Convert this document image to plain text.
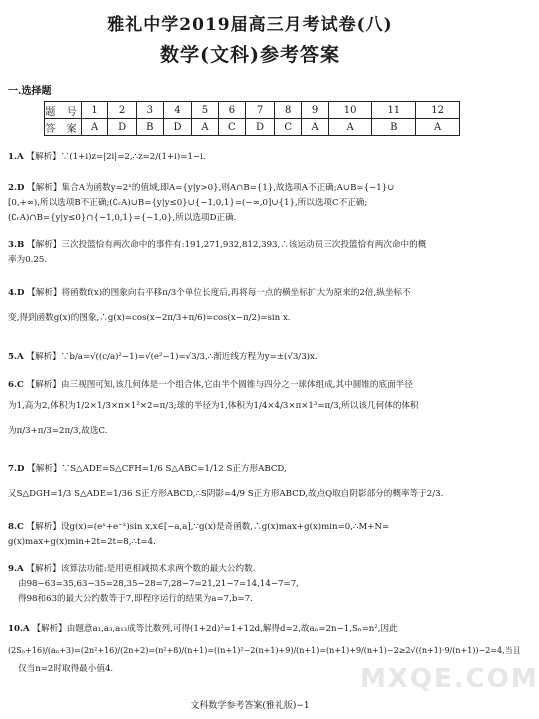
雅礼中学2019届高三月考试卷(八)
数学(文科)参考答案
一.选择题
题 号	1	2	3	4	5	6	7	8	9	10	11	12
答 案	A	D	B	D	A	C	D	C	A	A	B	A
1.A 【解析】∵(1+i)z=|2i|=2,∴z=2/(1+i)=1−i.
2.D 【解析】集合A为函数y=2ˣ的值域,即A={y|y>0},则A∩B={1},故选项A不正确;A∪B={−1}∪
[0,+∞),所以选项B不正确;(∁ᵣA)∪B={y|y≤0}∪{−1,0,1}=(−∞,0]∪{1},所以选项C不正确;
(∁ᵣA)∩B={y|y≤0}∩{−1,0,1}={−1,0},所以选项D正确.
3.B 【解析】三次投篮恰有两次命中的事件有:191,271,932,812,393,∴该运动员三次投篮恰有两次命中的概
率为0.25.
4.D 【解析】将函数f(x)的图象向右平移π/3个单位长度后,再将每一点的横坐标扩大为原来的2倍,纵坐标不
变,得到函数g(x)的图象,∴g(x)=cos(x−2π/3+π/6)=cos(x−π/2)=sin x.
5.A 【解析】∵b/a=√((c/a)²−1)=√(e²−1)=√3/3,∴渐近线方程为y=±(√3/3)x.
6.C 【解析】由三视图可知,该几何体是一个组合体,它由半个圆锥与四分之一球体组成,其中圆锥的底面半径
为1,高为2,体积为1/2×1/3×π×1²×2=π/3;球的半径为1,体积为1/4×4/3×π×1³=π/3,所以该几何体的体积
为π/3+π/3=2π/3,故选C.
7.D 【解析】∵S△ADE=S△CFH=1/6 S△ABC=1/12 S正方形ABCD,
又S△DGH=1/3 S△ADE=1/36 S正方形ABCD,∴S阴影=4/9 S正方形ABCD,故点Q取自阴影部分的概率等于2/3.
8.C 【解析】设g(x)=(eˣ+e⁻ˣ)sin x,x∈[−a,a],∵g(x)是奇函数,∴g(x)max+g(x)min=0,∴M+N=
g(x)max+g(x)min+2t=2t=8,∴t=4.
9.A 【解析】该算法功能:是用更相减损术求两个数的最大公约数.
由98−63=35,63−35=28,35−28=7,28−7=21,21−7=14,14−7=7,
得98和63的最大公约数等于7,即程序运行的结果为a=7,b=7.
10.A 【解析】由题意a₁,a₃,a₁₃成等比数列,可得(1+2d)²=1+12d,解得d=2,故aₙ=2n−1,Sₙ=n²,因此
(2Sₙ+16)/(aₙ+3)=(2n²+16)/(2n+2)=(n²+8)/(n+1)=((n+1)²−2(n+1)+9)/(n+1)=(n+1)+9/(n+1)−2≥2√((n+1)·9/(n+1))−2=4,当且
仅当n=2时取得最小值4.	MXQE.COM
文科数学参考答案(雅礼版)−1
